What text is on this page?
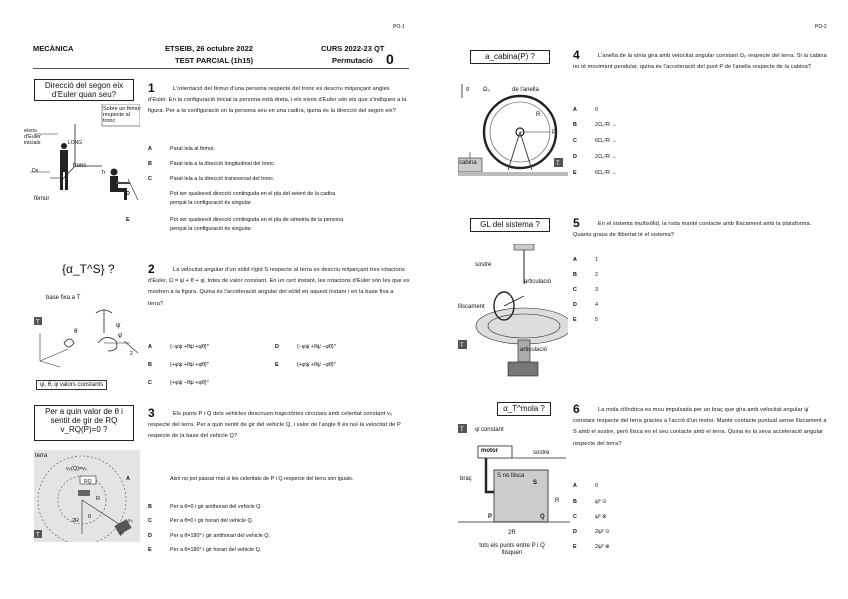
PO-1	PO-2
MECÀNICA	ETSEIB, 26 octubre 2022
TEST PARCIAL (1h15)
CURS 2022-23 QT
Permutació 0
Direcció del segon eix d'Euler quan seu?
Sobre un fèmur respecte al tronc
eixos d'Euler inicials	LONG
tronc
fèmur
Dn	Tr
1	L'orientació del fèmur d'una persona respecte del tronc es descriu mitjançant angles d'Euler. En la configuració inicial la persona està dreta, i els eixos d'Euler són els que s'indiquen a la figura. Per a la configuració on la persona seu en una cadira, quina és la direcció del segon eix?
A	Paral·lela al fèmur.
B	Paral·lela a la direcció longitudinal del tronc.
C	Paral·lela a la direcció transversal del tronc.
D	Pot ser qualsevol direcció continguda en el pla del seient de la cadira perquè la configuració és singular.
E	Pot ser qualsevol direcció continguda en el pla de simetria de la persona perquè la configuració és singular.
{α_T^S} ?
base fixa a T
T
2
ψ̇
θ̇
φ̇
ψ̇, θ̇, φ̇ valors constants
2	La velocitat angular d'un sòlid rígid S respecte al terra es descriu mitjançant tres rotacions d'Euler, Ω = ψ̇ + θ̇ + φ̇, totes de valor constant. En un cert instant, les rotacions d'Euler són les que es mostren a la figura. Quina és l'acceleració angular del sòlid en aquest instant i en la base fixa a terra?
A	{−φ̇ψ̇ +θ̇ψ̇ +φ̇θ̇}ᵀ
B	{+φ̇ψ̇ +θ̇ψ̇ +φ̇θ̇}ᵀ
C	{+φ̇ψ̇ −θ̇ψ̇ +φ̇θ̇}ᵀ
D	{−φ̇ψ̇ +θ̇ψ̇ −φ̇θ̇}ᵀ
E	{+φ̇ψ̇ +θ̇ψ̇ −φ̇θ̇}ᵀ
Per a quin valor de θ i sentit de gir de RQ v_RQ(P)=0 ?
T
terra
v₀(Q)=v₀
RQ
R
2R
θ
P
v₀
3	Els punts P i Q dels vehicles descriuen trajectòries circulars amb celeritat constant v₀ respecte del terra. Per a quin sentit de gir del vehicle Q, i valor de l'angle θ és nul·la velocitat de P respecte de la base del vehicle Q?
A	Això no pot passar mai si les celeritats de P i Q respecte del terra són iguals.
B	Per a θ=0 i gir antihorari del vehicle Q.
C	Per a θ=0 i gir horari del vehicle Q.
D	Per a θ=180° i gir antihorari del vehicle Q.
E	Per a θ=180° i gir horari del vehicle Q.
a_cabina(P) ?
T
g Ω₀	de l'anella
R
P
cabina
4	L'anella de la sínia gira amb velocitat angular constant Ω₀ respecte del terra. Si la cabina no té moviment pendular, quina és l'acceleració del punt P de l'anella respecte de la cabina?
A	0
B	2Ω₀²R →
C	6Ω₀²R →
D	2Ω₀²R ←
E	6Ω₀²R ←
GL del sistema ?
T
sostre
articulació
lliscament
articulació
5	En el sistema multisòlid, la roda manté contacte amb lliscament amb la plataforma. Quants graus de llibertat té el sistema?
A	1
B	2
C	3
D	4
E	5
α_T^mola ?
T ψ̇ constant
motor	sostre
S no llisca
S
P	Q
2R
R
braç
tots els punts entre P i Q llisquen
6	La mola cilíndrica es mou impulsada per un braç que gira amb velocitat angular ψ̇ constant respecte del terra gràcies a l'acció d'un motor. Manté contacte puntual sense lliscament a S amb el sostre, però llisca en el seu contacte amb el terra. Quina és la seva acceleració angular respecte del terra?
A	0
B	ψ̇² ⊙
C	ψ̇² ⊗
D	2ψ̇² ⊙
E	2ψ̇² ⊗
